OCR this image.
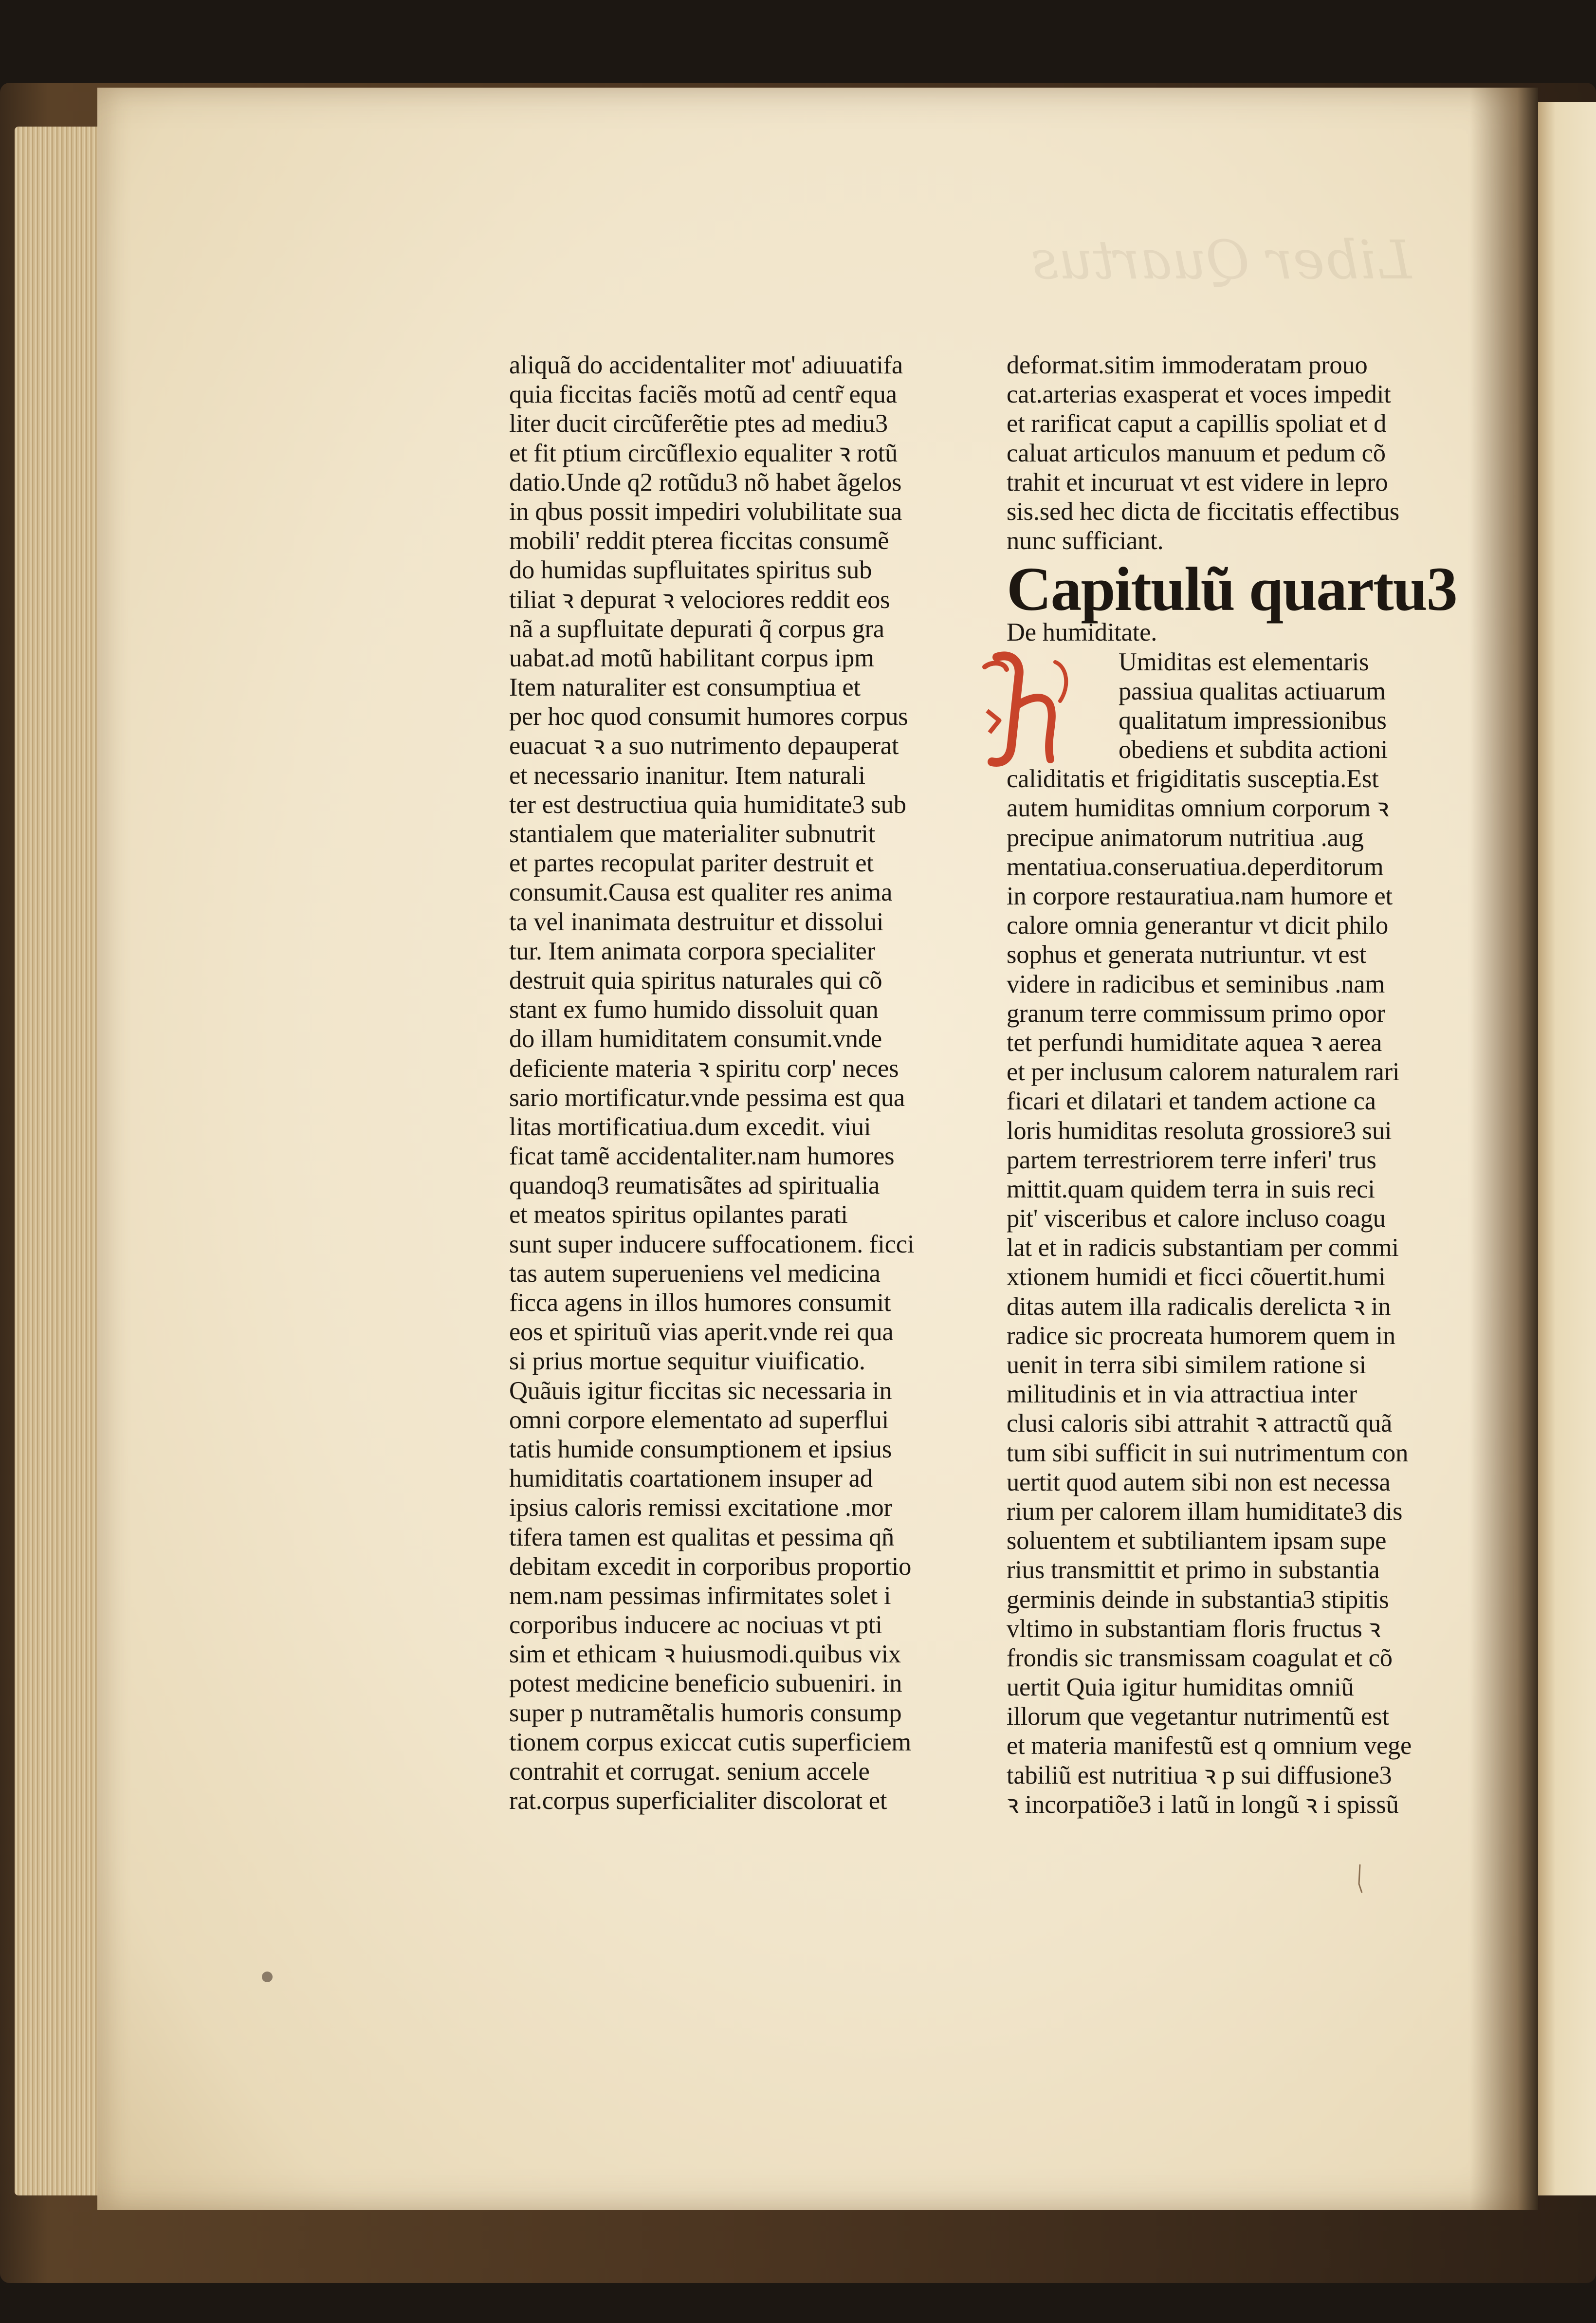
Liber Quartus
aliquã do accidentaliter mot' adiuuatifa
quia ficcitas faciẽs motũ ad centr̃ equa
liter ducit circũferẽtie ptes ad mediu3
et fit ptium circũflexio equaliter ꝛ rotũ
datio.Unde q2 rotũdu3 nõ habet ãgelos
in qbus possit impediri volubilitate sua
mobili' reddit pterea ficcitas consumẽ
do humidas supfluitates spiritus sub
tiliat ꝛ depurat ꝛ velociores reddit eos
nã a supfluitate depurati q̃ corpus gra
uabat.ad motũ habilitant corpus ipm
Item naturaliter est consumptiua et
per hoc quod consumit humores corpus
euacuat ꝛ a suo nutrimento depauperat
et necessario inanitur. Item naturali
ter est destructiua quia humiditate3 sub
stantialem que materialiter subnutrit
et partes recopulat pariter destruit et
consumit.Causa est qualiter res anima
ta vel inanimata destruitur et dissolui
tur. Item animata corpora specialiter
destruit quia spiritus naturales qui cõ
stant ex fumo humido dissoluit quan
do illam humiditatem consumit.vnde
deficiente materia ꝛ spiritu corp' neces
sario mortificatur.vnde pessima est qua
litas mortificatiua.dum excedit. viui
ficat tamẽ accidentaliter.nam humores
quandoq3 reumatisãtes ad spiritualia
et meatos spiritus opilantes parati
sunt super inducere suffocationem. ficci
tas autem superueniens vel medicina
ficca agens in illos humores consumit
eos et spirituũ vias aperit.vnde rei qua
si prius mortue sequitur viuificatio.
Quãuis igitur ficcitas sic necessaria in
omni corpore elementato ad superflui
tatis humide consumptionem et ipsius
humiditatis coartationem insuper ad
ipsius caloris remissi excitatione .mor
tifera tamen est qualitas et pessima qñ
debitam excedit in corporibus proportio
nem.nam pessimas infirmitates solet i
corporibus inducere ac nociuas vt pti
sim et ethicam ꝛ huiusmodi.quibus vix
potest medicine beneficio subueniri. in
super p nutramẽtalis humoris consump
tionem corpus exiccat cutis superficiem
contrahit et corrugat. senium accele
rat.corpus superficialiter discolorat et
deformat.sitim immoderatam prouo
cat.arterias exasperat et voces impedit
et rarificat caput a capillis spoliat et d
caluat articulos manuum et pedum cõ
trahit et incuruat vt est videre in lepro
sis.sed hec dicta de ficcitatis effectibus
nunc sufficiant.
Capitulũ quartu3
De humiditate.
Umiditas est elementaris
passiua qualitas actiuarum
qualitatum impressionibus
obediens et subdita actioni
caliditatis et frigiditatis susceptia.Est
autem humiditas omnium corporum ꝛ
precipue animatorum nutritiua .aug
mentatiua.conseruatiua.deperditorum
in corpore restauratiua.nam humore et
calore omnia generantur vt dicit philo
sophus et generata nutriuntur. vt est
videre in radicibus et seminibus .nam
granum terre commissum primo opor
tet perfundi humiditate aquea ꝛ aerea
et per inclusum calorem naturalem rari
ficari et dilatari et tandem actione ca
loris humiditas resoluta grossiore3 sui
partem terrestriorem terre inferi' trus
mittit.quam quidem terra in suis reci
pit' visceribus et calore incluso coagu
lat et in radicis substantiam per commi
xtionem humidi et ficci cõuertit.humi
ditas autem illa radicalis derelicta ꝛ in
radice sic procreata humorem quem in
uenit in terra sibi similem ratione si
militudinis et in via attractiua inter
clusi caloris sibi attrahit ꝛ attractũ quã
tum sibi sufficit in sui nutrimentum con
uertit quod autem sibi non est necessa
rium per calorem illam humiditate3 dis
soluentem et subtiliantem ipsam supe
rius transmittit et primo in substantia
germinis deinde in substantia3 stipitis
vltimo in substantiam floris fructus ꝛ
frondis sic transmissam coagulat et cõ
uertit Quia igitur humiditas omniũ
illorum que vegetantur nutrimentũ est
et materia manifestũ est q omnium vege
tabiliũ est nutritiua ꝛ p sui diffusione3
ꝛ incorpatiõe3 i latũ in longũ ꝛ i spissũ
